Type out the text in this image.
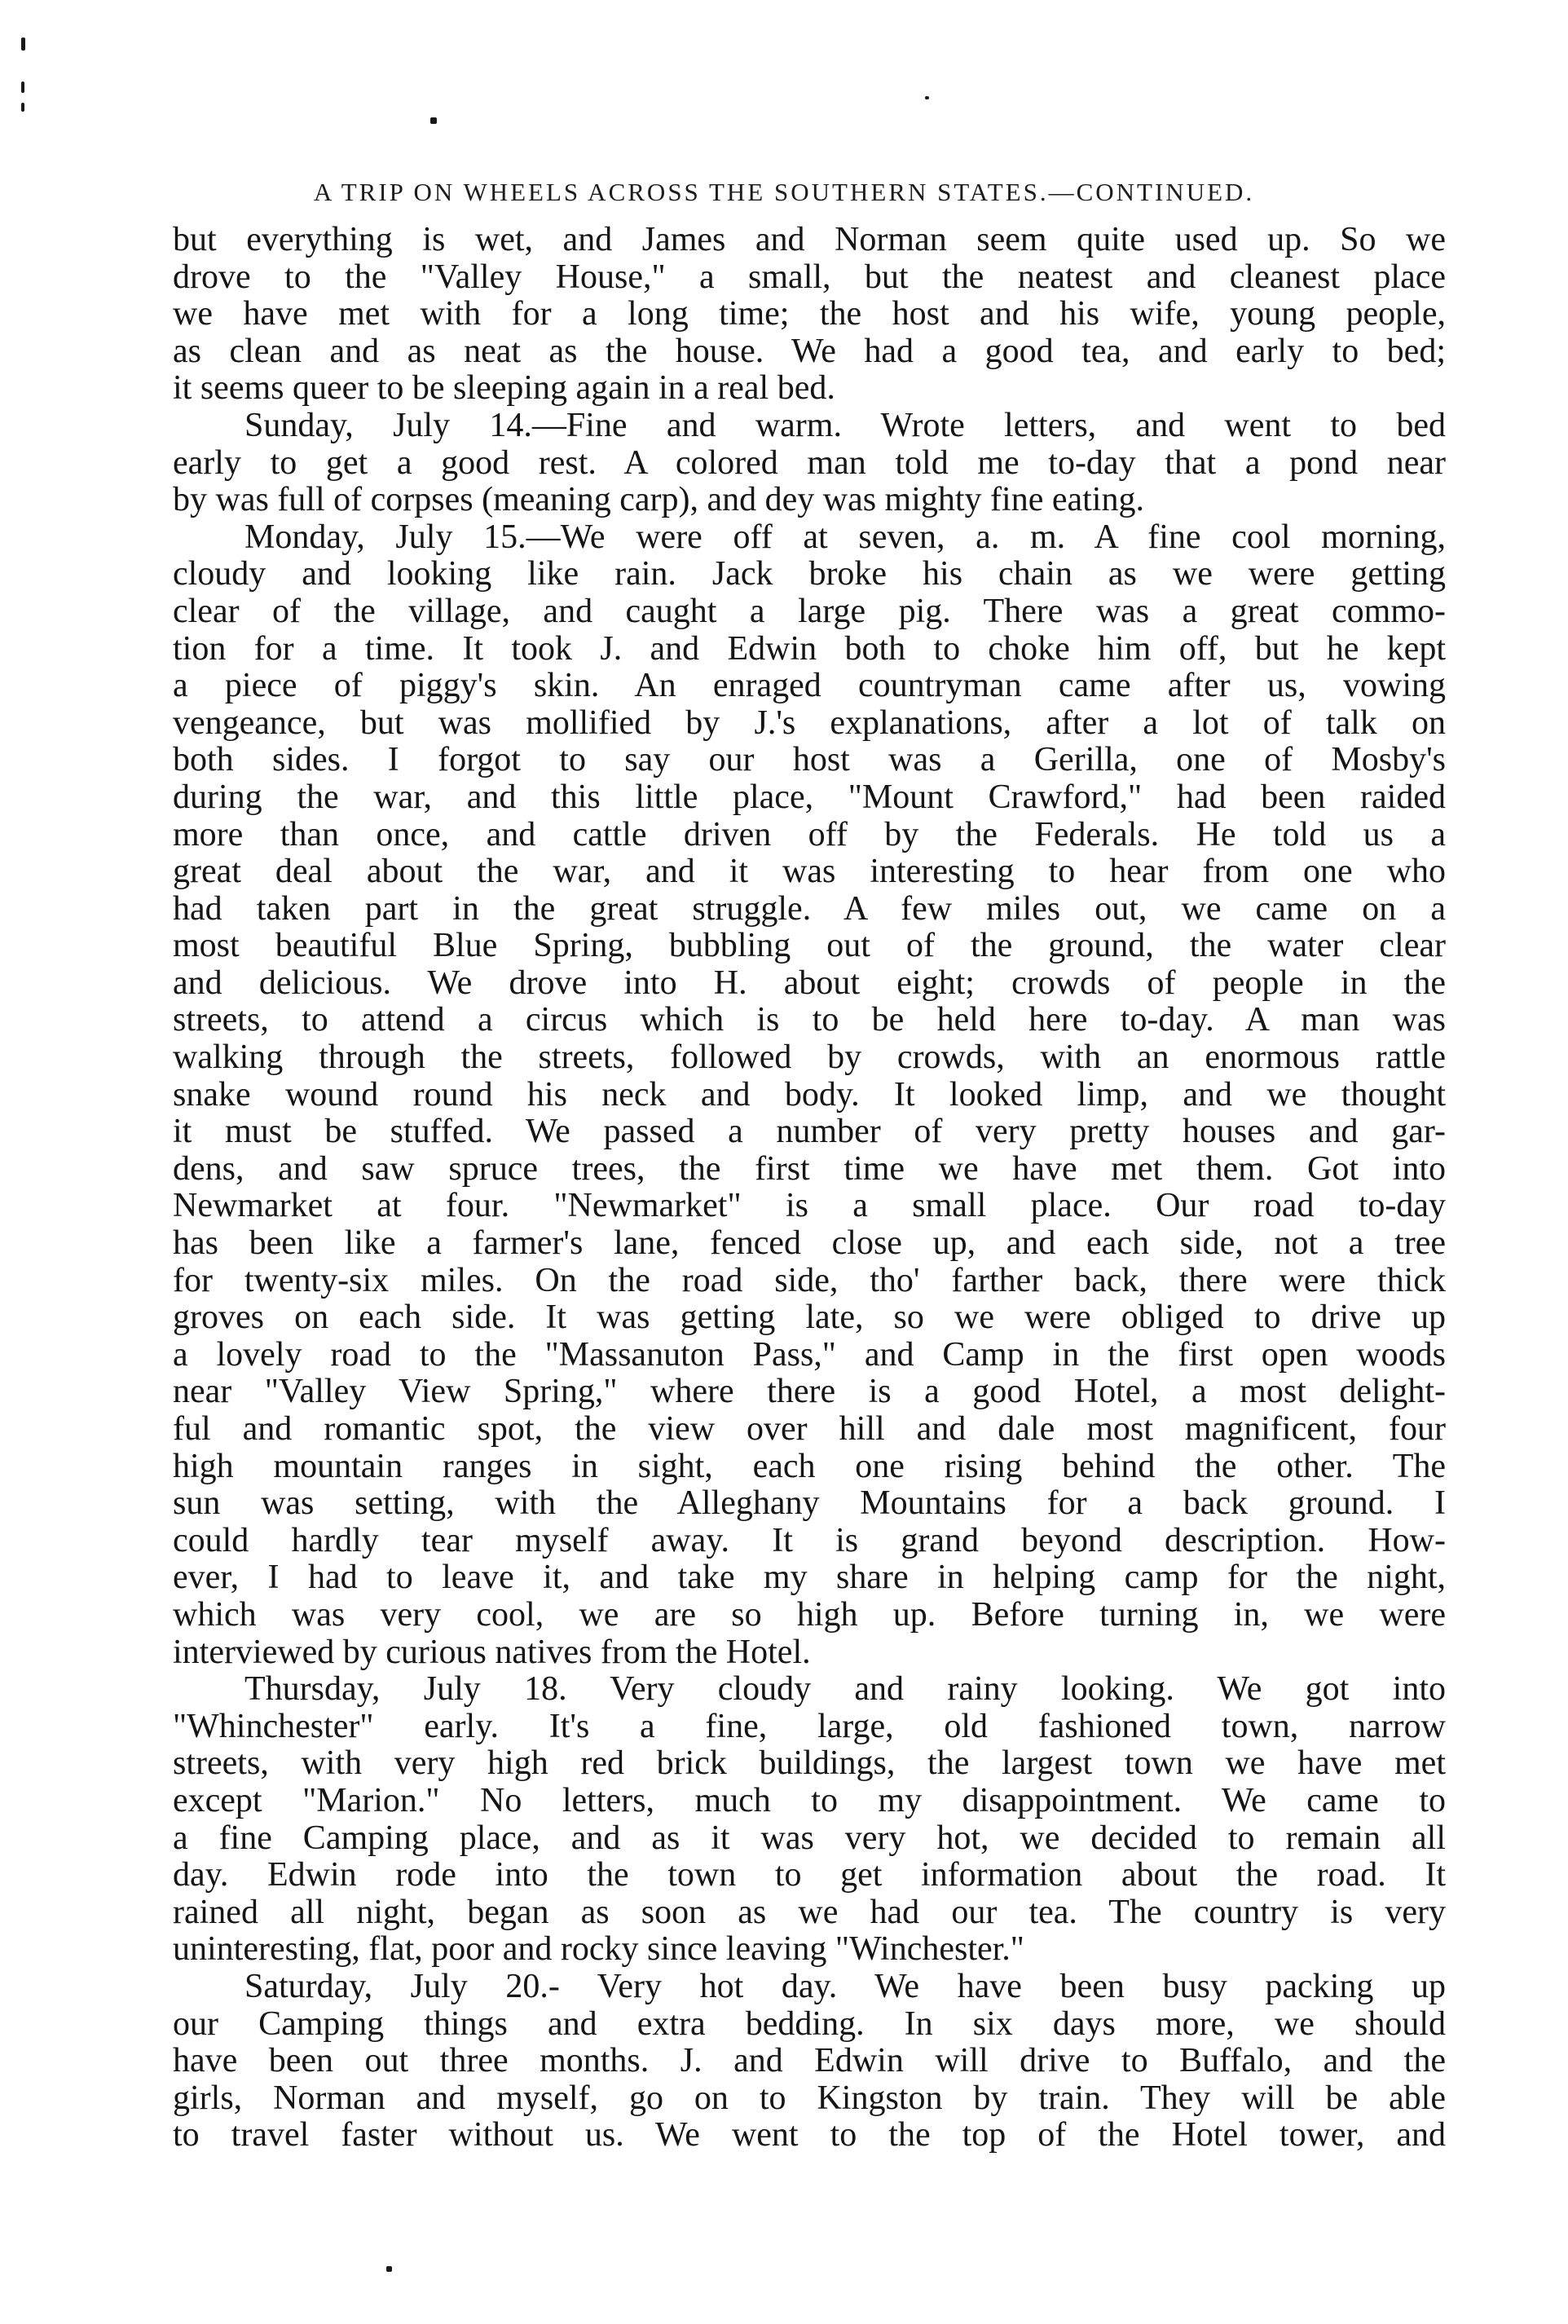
A TRIP ON WHEELS ACROSS THE SOUTHERN STATES.—CONTINUED.
but everything is wet, and James and Norman seem quite used up. So we
drove to the "Valley House," a small, but the neatest and cleanest place
we have met with for a long time; the host and his wife, young people,
as clean and as neat as the house. We had a good tea, and early to bed;
it seems queer to be sleeping again in a real bed.
Sunday, July 14.—Fine and warm. Wrote letters, and went to bed
early to get a good rest. A colored man told me to-day that a pond near
by was full of corpses (meaning carp), and dey was mighty fine eating.
Monday, July 15.—We were off at seven, a. m. A fine cool morning,
cloudy and looking like rain. Jack broke his chain as we were getting
clear of the village, and caught a large pig. There was a great commo-
tion for a time. It took J. and Edwin both to choke him off, but he kept
a piece of piggy's skin. An enraged countryman came after us, vowing
vengeance, but was mollified by J.'s explanations, after a lot of talk on
both sides. I forgot to say our host was a Gerilla, one of Mosby's
during the war, and this little place, "Mount Crawford," had been raided
more than once, and cattle driven off by the Federals. He told us a
great deal about the war, and it was interesting to hear from one who
had taken part in the great struggle. A few miles out, we came on a
most beautiful Blue Spring, bubbling out of the ground, the water clear
and delicious. We drove into H. about eight; crowds of people in the
streets, to attend a circus which is to be held here to-day. A man was
walking through the streets, followed by crowds, with an enormous rattle
snake wound round his neck and body. It looked limp, and we thought
it must be stuffed. We passed a number of very pretty houses and gar-
dens, and saw spruce trees, the first time we have met them. Got into
Newmarket at four. "Newmarket" is a small place. Our road to-day
has been like a farmer's lane, fenced close up, and each side, not a tree
for twenty-six miles. On the road side, tho' farther back, there were thick
groves on each side. It was getting late, so we were obliged to drive up
a lovely road to the "Massanuton Pass," and Camp in the first open woods
near "Valley View Spring," where there is a good Hotel, a most delight-
ful and romantic spot, the view over hill and dale most magnificent, four
high mountain ranges in sight, each one rising behind the other. The
sun was setting, with the Alleghany Mountains for a back ground. I
could hardly tear myself away. It is grand beyond description. How-
ever, I had to leave it, and take my share in helping camp for the night,
which was very cool, we are so high up. Before turning in, we were
interviewed by curious natives from the Hotel.
Thursday, July 18. Very cloudy and rainy looking. We got into
"Whinchester" early. It's a fine, large, old fashioned town, narrow
streets, with very high red brick buildings, the largest town we have met
except "Marion." No letters, much to my disappointment. We came to
a fine Camping place, and as it was very hot, we decided to remain all
day. Edwin rode into the town to get information about the road. It
rained all night, began as soon as we had our tea. The country is very
uninteresting, flat, poor and rocky since leaving "Winchester."
Saturday, July 20.- Very hot day. We have been busy packing up
our Camping things and extra bedding. In six days more, we should
have been out three months. J. and Edwin will drive to Buffalo, and the
girls, Norman and myself, go on to Kingston by train. They will be able
to travel faster without us. We went to the top of the Hotel tower, and
